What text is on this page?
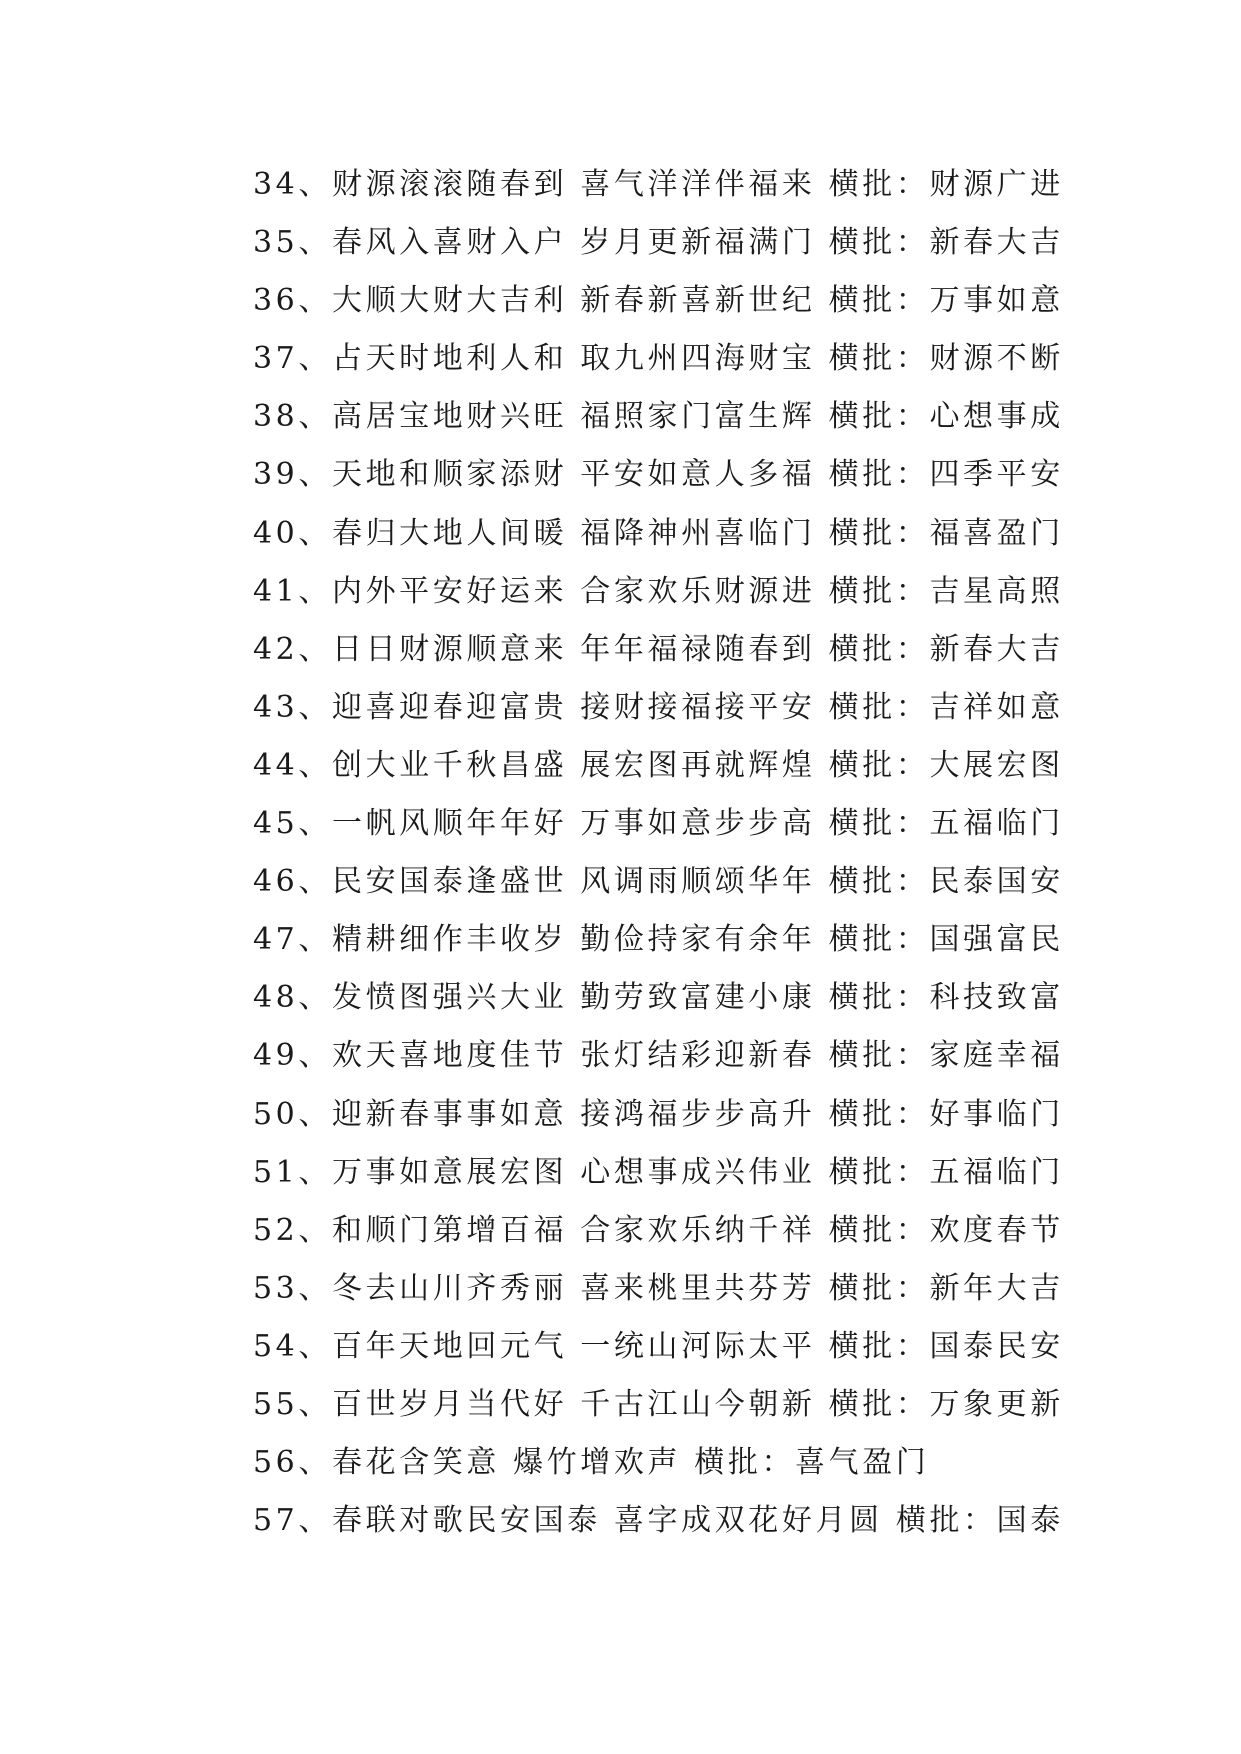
34、财源滚滚随春到 喜气洋洋伴福来 横批：财源广进
35、春风入喜财入户 岁月更新福满门 横批：新春大吉
36、大顺大财大吉利 新春新喜新世纪 横批：万事如意
37、占天时地利人和 取九州四海财宝 横批：财源不断
38、高居宝地财兴旺 福照家门富生辉 横批：心想事成
39、天地和顺家添财 平安如意人多福 横批：四季平安
40、春归大地人间暖 福降神州喜临门 横批：福喜盈门
41、内外平安好运来 合家欢乐财源进 横批：吉星高照
42、日日财源顺意来 年年福禄随春到 横批：新春大吉
43、迎喜迎春迎富贵 接财接福接平安 横批：吉祥如意
44、创大业千秋昌盛 展宏图再就辉煌 横批：大展宏图
45、一帆风顺年年好 万事如意步步高 横批：五福临门
46、民安国泰逢盛世 风调雨顺颂华年 横批：民泰国安
47、精耕细作丰收岁 勤俭持家有余年 横批：国强富民
48、发愤图强兴大业 勤劳致富建小康 横批：科技致富
49、欢天喜地度佳节 张灯结彩迎新春 横批：家庭幸福
50、迎新春事事如意 接鸿福步步高升 横批：好事临门
51、万事如意展宏图 心想事成兴伟业 横批：五福临门
52、和顺门第增百福 合家欢乐纳千祥 横批：欢度春节
53、冬去山川齐秀丽 喜来桃里共芬芳 横批：新年大吉
54、百年天地回元气 一统山河际太平 横批：国泰民安
55、百世岁月当代好 千古江山今朝新 横批：万象更新
56、春花含笑意 爆竹增欢声 横批：喜气盈门
57、春联对歌民安国泰 喜字成双花好月圆 横批：国泰
